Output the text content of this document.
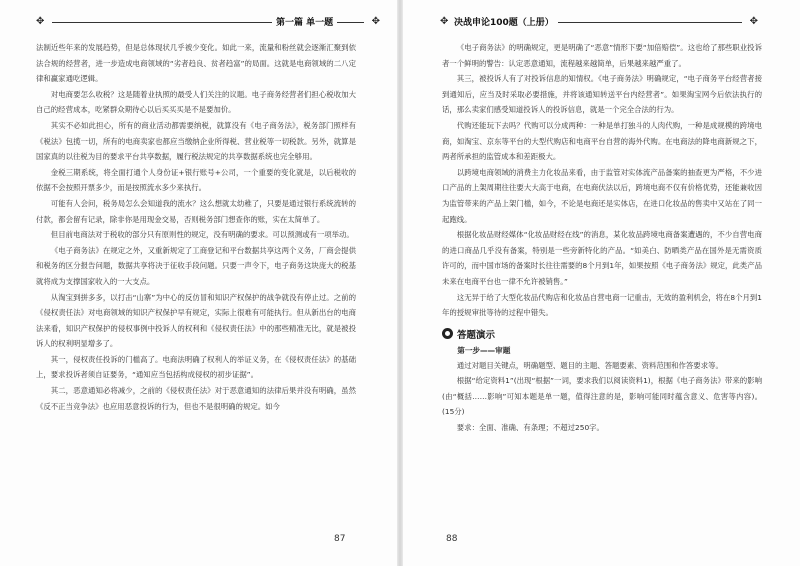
✥	✥
第一篇 单一题	✥	✥
决战申论100题（上册）

法制近些年来的发展趋势，但是总体现状几乎被少变化。如此一来，流量和粉丝就会逐渐汇聚到依法合规的经营者，进一步造成电商领域的“劣者趋良、贫者趋富”的局面。这就是电商领域的二八定律和赢家通吃逻辑。

对电商要怎么收税？这是随着业执照的最受人们关注的议题。电子商务经营者们担心税收加大自己的经营成本，吃紧群众期待心以后买买买是不是要加价。

其实不必如此担心，所有的商业活动都需要纳税，就算没有《电子商务法》，税务部门照样有《税法》包揽一切，所有的电商卖家也都应当缴纳企业所得税、营业税等一切税款。另外，就算是国家真的以往税为目的要求平台共享数据，履行税法规定的共享数据系统也完全够用。

金税三期系统，将全面打通个人身份证+银行账号+公司，一个重要的变化就是，以后税收的依据不会按照开票多少，而是按照流水多少来执行。

可能有人会问，税务局怎么会知道我的流水？这么想就太幼稚了，只要是通过银行系统流转的付款，都会留有记录，除非你是用现金交易，否则税务部门想查你的账，实在太简单了。

但目前电商法对于税收的部分只有原则性的规定，没有明确的要求。可以预测或有一项举动。

《电子商务法》在规定之外，又重新规定了工商登记和平台数据共享这两个义务，厂商会提供和税务的区分报告问题，数据共享将决于征收手段问题。只要一声令下，电子商务这块庞大的税基就将成为支撑国家收入的一大支点。

从淘宝到拼多多，以打击“山寨”为中心的反仿冒和知识产权保护的战争就没有停止过。之前的《侵权责任法》对电商领域的知识产权保护早有规定，实际上很难有可能执行。但从新出台的电商法来看，知识产权保护的侵权事例中投诉人的权利和《侵权责任法》中的那些精准无比，就是被投诉人的权利明显增多了。

其一，侵权责任投诉的门槛高了。电商法明确了权利人的举证义务，在《侵权责任法》的基础上，要求投诉者须自证要务，“通知应当包括构成侵权的初步证据”。

其二，恶意通知必将减少，之前的《侵权责任法》对于恶意通知的法律后果并没有明确，虽然《反不正当竞争法》也应用恶意投诉的行为，但也不是很明确的规定。如今

87

《电子商务法》的明确规定，更是明确了“恶意”情形下要“加倍赔偿”。这也给了那些职业投诉者一个鲜明的警告：认定恶意通知，流程越来越简单，后果越来越严重了。

其三，被投诉人有了对投诉信息的知情权。《电子商务法》明确规定，“电子商务平台经营者接到通知后，应当及时采取必要措施，并将该通知转送平台内经营者”。如果淘宝网今后依法执行的话，那么卖家们感受知道投诉人的投诉信息，就是一个完全合法的行为。

代购还能玩下去吗？代购可以分成两种：一种是单打独斗的人肉代购，一种是成规模的跨境电商，如淘宝、京东等平台的大型代购店和电商平台自营的海外代购。在电商法的降电商新规之下，两者所承担的监管成本和差距极大。

以跨境电商领域的消费主力化妆品来看，由于监管对实体流产品备案的抽查更为严格，不少进口产品的上架周期往往要大大高于电商，在电商伏法以后，跨境电商不仅有价格优势，还能兼收因为监管带来的产品上架门槛，如今，不论是电商还是实体店，在进口化妆品的售卖中又站在了同一起跑线。

根据化妆品财经媒体“化妆品财经在线”的消息，某化妆品跨境电商备案遭遇的，不少自营电商的进口商品几乎没有备案，特别是一些旁新特化的产品。“如美白、防晒类产品在国外是无需资质许可的，而中国市场的备案时长往往需要的8个月到1年，如果按照《电子商务法》规定，此类产品未来在电商平台也一律不允许被销售。”

这无异于给了大型化妆品代购店和化妆品自营电商一记重击，无效的盈利机会，将在8个月到1年的授规审批等待的过程中错失。

答题演示
第一步——审题

通过对题目关键点，明确题型、题目的主题、答题要素、资料范围和作答要求等。

根据“给定资料1”(出现“根据”一词，要求我们以阅读资料1)，根据《电子商务法》带来的影响(由“概括……影响”可知本题是单一题，值得注意的是，影响可能同时蕴含意义、危害等内容)。(15分)

要求：全面、准确、有条理；不超过250字。

88
